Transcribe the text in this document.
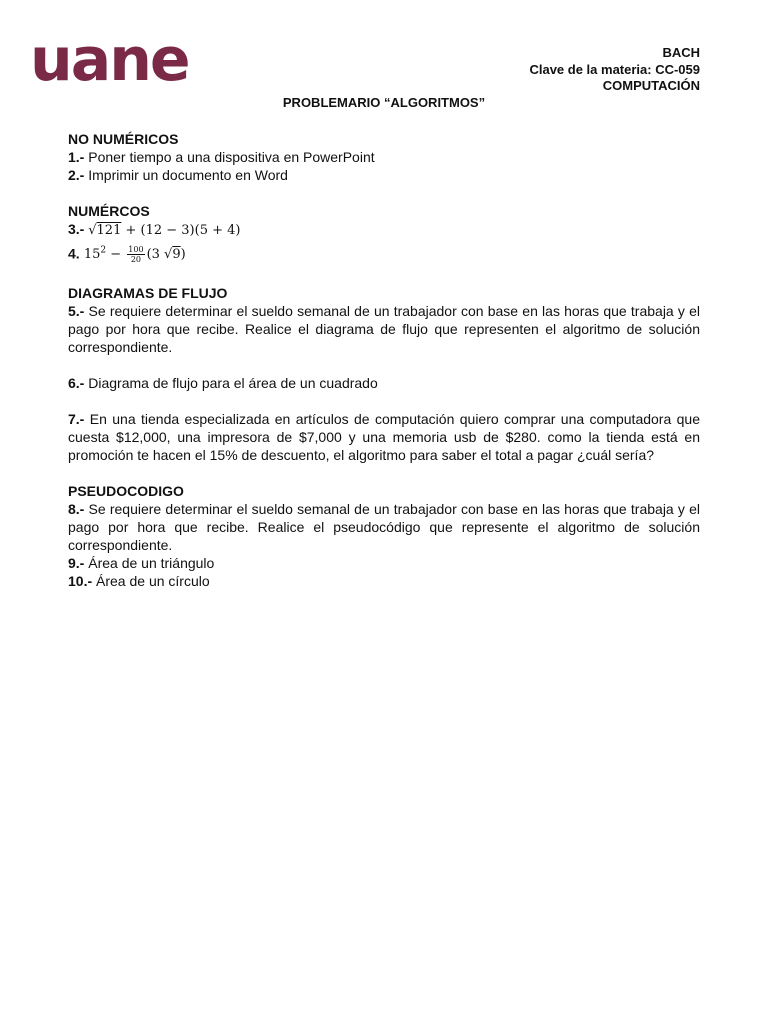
uane	BACH
Clave de la materia: CC-059
COMPUTACIÓN
PROBLEMARIO “ALGORITMOS”

NO NUMÉRICOS

1.- Poner tiempo a una dispositiva en PowerPoint

2.- Imprimir un documento en Word

NUMÉRCOS

3.- √121 + (12 − 3)(5 + 4)

4. $15^2 - \frac{100}{20} (3$ √9)

DIAGRAMAS DE FLUJO

5.- Se requiere determinar el sueldo semanal de un trabajador con base en las horas que trabaja y el pago por hora que recibe. Realice el diagrama de flujo que representen el algoritmo de solución correspondiente.

6.- Diagrama de flujo para el área de un cuadrado

7.- En una tienda especializada en artículos de computación quiero comprar una computadora que cuesta $12,000, una impresora de $7,000 y una memoria usb de $280. como la tienda está en promoción te hacen el 15% de descuento, el algoritmo para saber el total a pagar ¿cuál sería?

PSEUDOCODIGO

8.- Se requiere determinar el sueldo semanal de un trabajador con base en las horas que trabaja y el pago por hora que recibe. Realice el pseudocódigo que represente el algoritmo de solución correspondiente.

9.- Área de un triángulo

10.- Área de un círculo
